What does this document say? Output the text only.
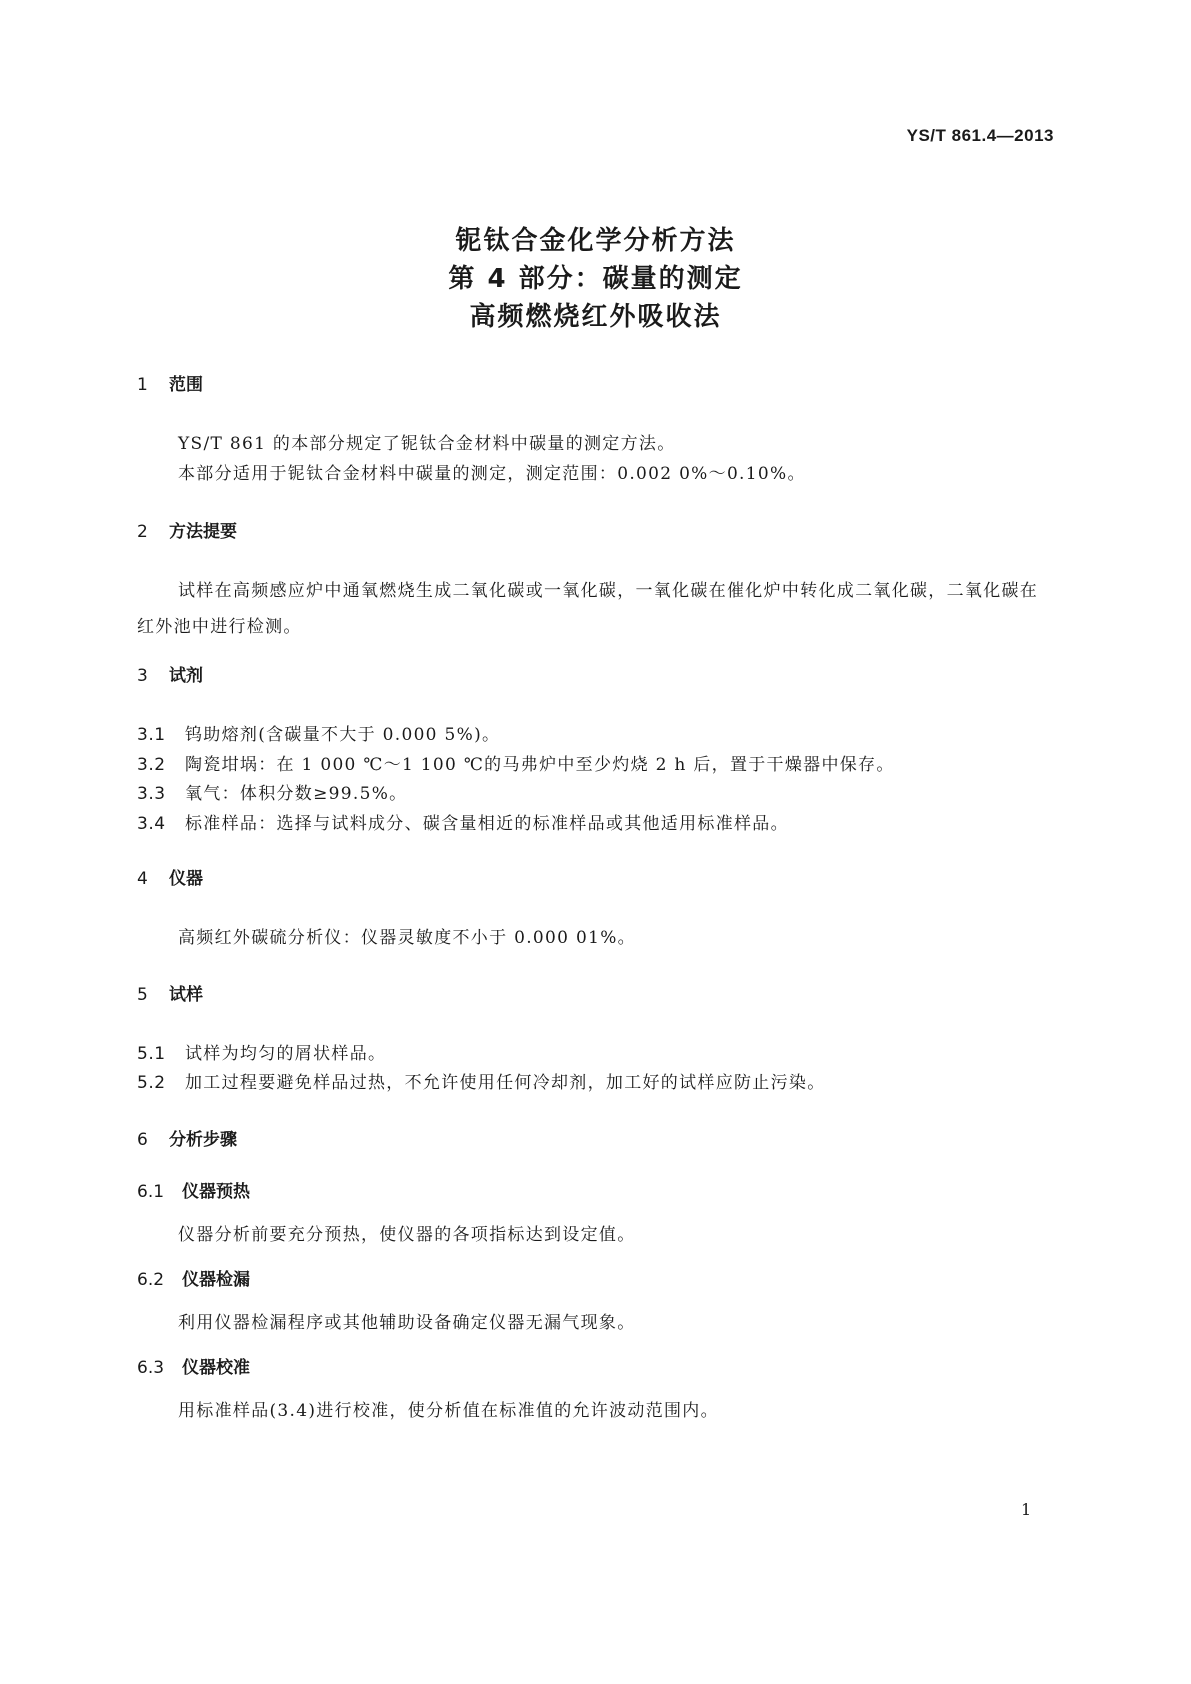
YS/T 861.4—2013
铌钛合金化学分析方法
第 4 部分：碳量的测定
高频燃烧红外吸收法
1 范围
YS/T 861 的本部分规定了铌钛合金材料中碳量的测定方法。
本部分适用于铌钛合金材料中碳量的测定，测定范围：0.002 0%～0.10%。
2 方法提要
试样在高频感应炉中通氧燃烧生成二氧化碳或一氧化碳，一氧化碳在催化炉中转化成二氧化碳，二氧化碳在红外池中进行检测。
3 试剂
3.1 钨助熔剂(含碳量不大于 0.000 5%)。
3.2 陶瓷坩埚：在 1 000 ℃～1 100 ℃的马弗炉中至少灼烧 2 h 后，置于干燥器中保存。
3.3 氧气：体积分数≥99.5%。
3.4 标准样品：选择与试料成分、碳含量相近的标准样品或其他适用标准样品。
4 仪器
高频红外碳硫分析仪：仪器灵敏度不小于 0.000 01%。
5 试样
5.1 试样为均匀的屑状样品。
5.2 加工过程要避免样品过热，不允许使用任何冷却剂，加工好的试样应防止污染。
6 分析步骤
6.1 仪器预热
仪器分析前要充分预热，使仪器的各项指标达到设定值。
6.2 仪器检漏
利用仪器检漏程序或其他辅助设备确定仪器无漏气现象。
6.3 仪器校准
用标准样品(3.4)进行校准，使分析值在标准值的允许波动范围内。
1
